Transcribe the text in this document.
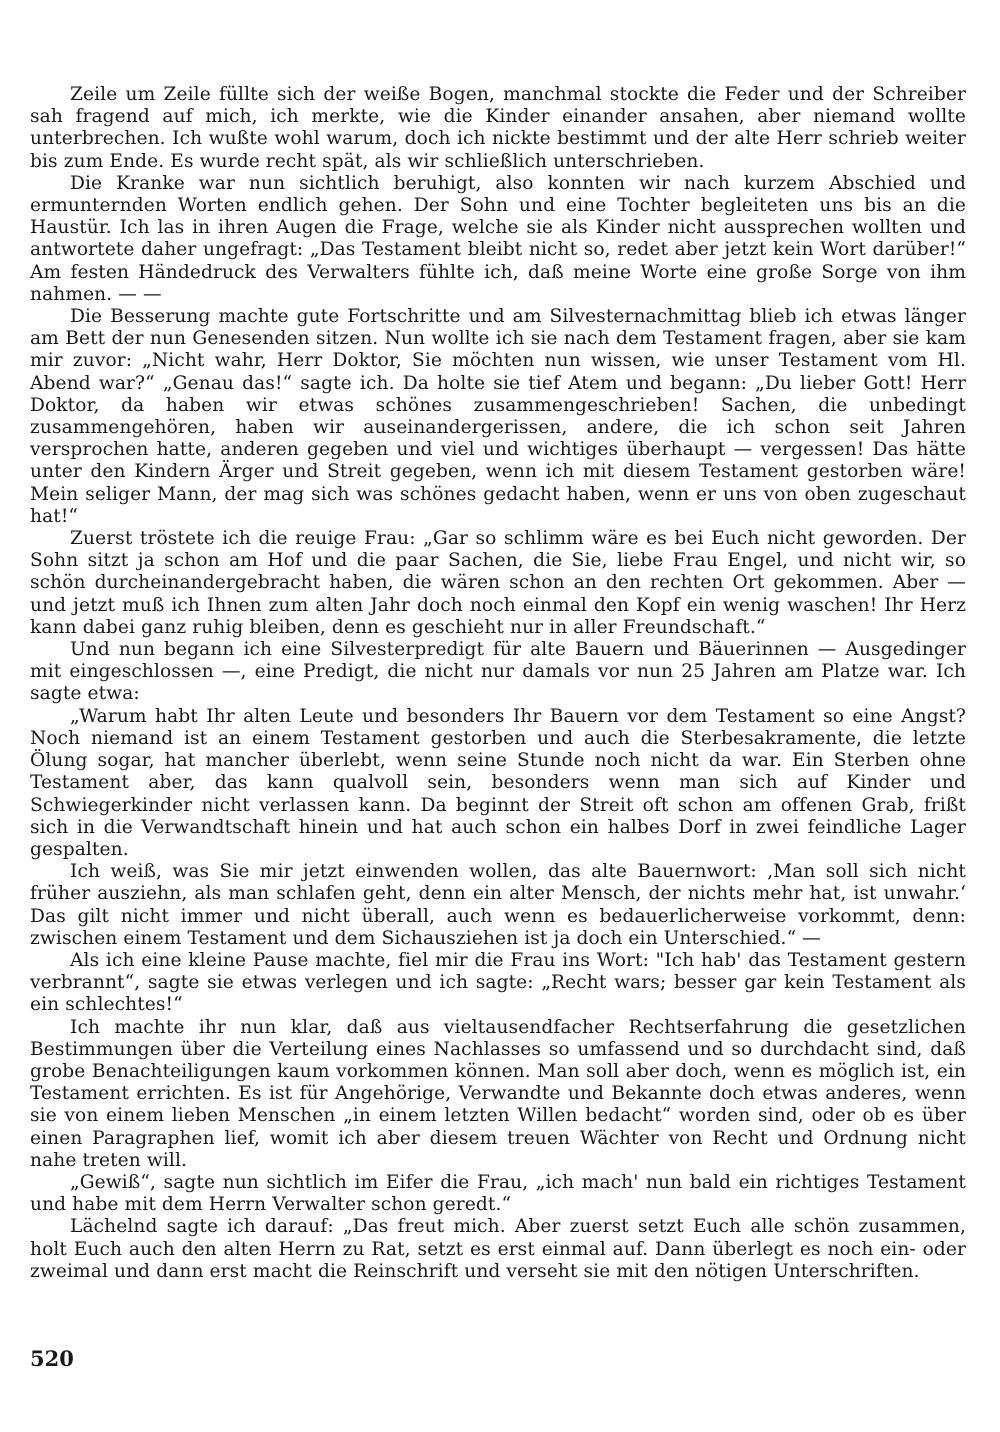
Zeile um Zeile füllte sich der weiße Bogen, manchmal stockte die Feder und der Schreiber sah fragend auf mich, ich merkte, wie die Kinder einander ansahen, aber niemand wollte unterbrechen. Ich wußte wohl warum, doch ich nickte bestimmt und der alte Herr schrieb weiter bis zum Ende. Es wurde recht spät, als wir schließlich unterschrieben.

Die Kranke war nun sichtlich beruhigt, also konnten wir nach kurzem Abschied und ermunternden Worten endlich gehen. Der Sohn und eine Tochter begleiteten uns bis an die Haustür. Ich las in ihren Augen die Frage, welche sie als Kinder nicht aussprechen wollten und antwortete daher ungefragt: „Das Testament bleibt nicht so, redet aber jetzt kein Wort darüber!“ Am festen Händedruck des Verwalters fühlte ich, daß meine Worte eine große Sorge von ihm nahmen. — —

Die Besserung machte gute Fortschritte und am Silvesternachmittag blieb ich etwas länger am Bett der nun Genesenden sitzen. Nun wollte ich sie nach dem Testament fragen, aber sie kam mir zuvor: „Nicht wahr, Herr Doktor, Sie möchten nun wissen, wie unser Testament vom Hl. Abend war?“ „Genau das!“ sagte ich. Da holte sie tief Atem und begann: „Du lieber Gott! Herr Doktor, da haben wir etwas schönes zusammengeschrieben! Sachen, die unbedingt zusammengehören, haben wir auseinandergerissen, andere, die ich schon seit Jahren versprochen hatte, anderen gegeben und viel und wichtiges überhaupt — vergessen! Das hätte unter den Kindern Ärger und Streit gegeben, wenn ich mit diesem Testament gestorben wäre! Mein seliger Mann, der mag sich was schönes gedacht haben, wenn er uns von oben zugeschaut hat!“

Zuerst tröstete ich die reuige Frau: „Gar so schlimm wäre es bei Euch nicht geworden. Der Sohn sitzt ja schon am Hof und die paar Sachen, die Sie, liebe Frau Engel, und nicht wir, so schön durcheinandergebracht haben, die wären schon an den rechten Ort gekommen. Aber — und jetzt muß ich Ihnen zum alten Jahr doch noch einmal den Kopf ein wenig waschen! Ihr Herz kann dabei ganz ruhig bleiben, denn es geschieht nur in aller Freundschaft.“

Und nun begann ich eine Silvesterpredigt für alte Bauern und Bäuerinnen — Ausgedinger mit eingeschlossen —, eine Predigt, die nicht nur damals vor nun 25 Jahren am Platze war. Ich sagte etwa:

„Warum habt Ihr alten Leute und besonders Ihr Bauern vor dem Testament so eine Angst? Noch niemand ist an einem Testament gestorben und auch die Sterbesakramente, die letzte Ölung sogar, hat mancher überlebt, wenn seine Stunde noch nicht da war. Ein Sterben ohne Testament aber, das kann qualvoll sein, besonders wenn man sich auf Kinder und Schwiegerkinder nicht verlassen kann. Da beginnt der Streit oft schon am offenen Grab, frißt sich in die Verwandtschaft hinein und hat auch schon ein halbes Dorf in zwei feindliche Lager gespalten.

Ich weiß, was Sie mir jetzt einwenden wollen, das alte Bauernwort: ‚Man soll sich nicht früher ausziehn, als man schlafen geht, denn ein alter Mensch, der nichts mehr hat, ist unwahr.‘ Das gilt nicht immer und nicht überall, auch wenn es bedauerlicherweise vorkommt, denn: zwischen einem Testament und dem Sichausziehen ist ja doch ein Unterschied.“ —

Als ich eine kleine Pause machte, fiel mir die Frau ins Wort: "Ich hab' das Testament gestern verbrannt“, sagte sie etwas verlegen und ich sagte: „Recht wars; besser gar kein Testament als ein schlechtes!“

Ich machte ihr nun klar, daß aus vieltausendfacher Rechtserfahrung die gesetzlichen Bestimmungen über die Verteilung eines Nachlasses so umfassend und so durchdacht sind, daß grobe Benachteiligungen kaum vorkommen können. Man soll aber doch, wenn es möglich ist, ein Testament errichten. Es ist für Angehörige, Verwandte und Bekannte doch etwas anderes, wenn sie von einem lieben Menschen „in einem letzten Willen bedacht“ worden sind, oder ob es über einen Paragraphen lief, womit ich aber diesem treuen Wächter von Recht und Ordnung nicht nahe treten will.

„Gewiß“, sagte nun sichtlich im Eifer die Frau, „ich mach' nun bald ein richtiges Testament und habe mit dem Herrn Verwalter schon geredt.“

Lächelnd sagte ich darauf: „Das freut mich. Aber zuerst setzt Euch alle schön zusammen, holt Euch auch den alten Herrn zu Rat, setzt es erst einmal auf. Dann überlegt es noch ein- oder zweimal und dann erst macht die Reinschrift und verseht sie mit den nötigen Unterschriften.

520
